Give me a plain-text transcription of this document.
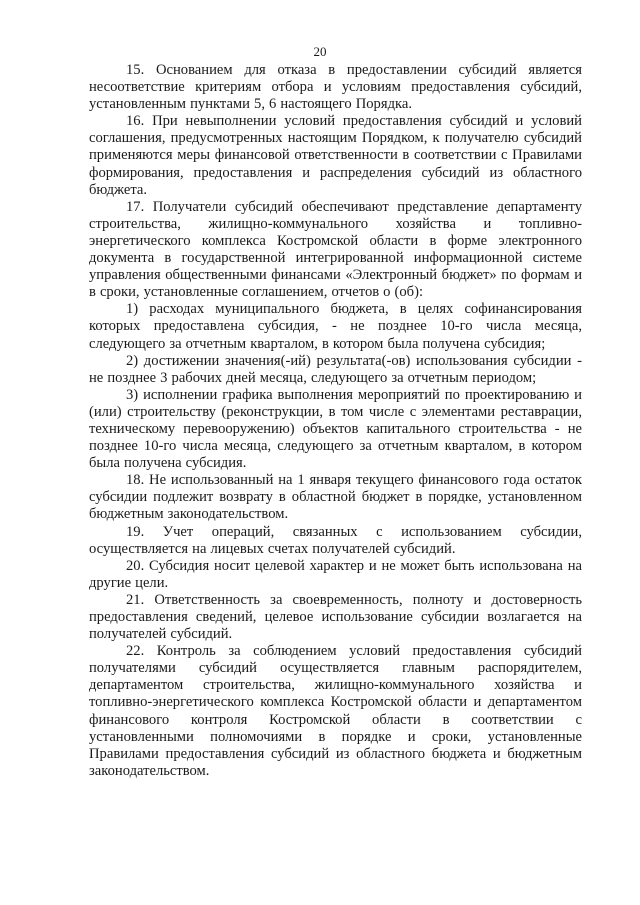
20

15. Основанием для отказа в предоставлении субсидий является несоответствие критериям отбора и условиям предоставления субсидий, установленным пунктами 5, 6 настоящего Порядка.

16. При невыполнении условий предоставления субсидий и условий соглашения, предусмотренных настоящим Порядком, к получателю субсидий применяются меры финансовой ответственности в соответствии с Правилами формирования, предоставления и распределения субсидий из областного бюджета.

17. Получатели субсидий обеспечивают представление департаменту строительства, жилищно-коммунального хозяйства и топливно-энергетического комплекса Костромской области в форме электронного документа в государственной интегрированной информационной системе управления общественными финансами «Электронный бюджет» по формам и в сроки, установленные соглашением, отчетов о (об):

1) расходах муниципального бюджета, в целях софинансирования которых предоставлена субсидия, - не позднее 10-го числа месяца, следующего за отчетным кварталом, в котором была получена субсидия;

2) достижении значения(-ий) результата(-ов) использования субсидии - не позднее 3 рабочих дней месяца, следующего за отчетным периодом;

3) исполнении графика выполнения мероприятий по проектированию и (или) строительству (реконструкции, в том числе с элементами реставрации, техническому перевооружению) объектов капитального строительства - не позднее 10-го числа месяца, следующего за отчетным кварталом, в котором была получена субсидия.

18. Не использованный на 1 января текущего финансового года остаток субсидии подлежит возврату в областной бюджет в порядке, установленном бюджетным законодательством.

19. Учет операций, связанных с использованием субсидии, осуществляется на лицевых счетах получателей субсидий.

20. Субсидия носит целевой характер и не может быть использована на другие цели.

21. Ответственность за своевременность, полноту и достоверность предоставления сведений, целевое использование субсидии возлагается на получателей субсидий.

22. Контроль за соблюдением условий предоставления субсидий получателями субсидий осуществляется главным распорядителем, департаментом строительства, жилищно-коммунального хозяйства и топливно-энергетического комплекса Костромской области и департаментом финансового контроля Костромской области в соответствии с установленными полномочиями в порядке и сроки, установленные Правилами предоставления субсидий из областного бюджета и бюджетным законодательством.
